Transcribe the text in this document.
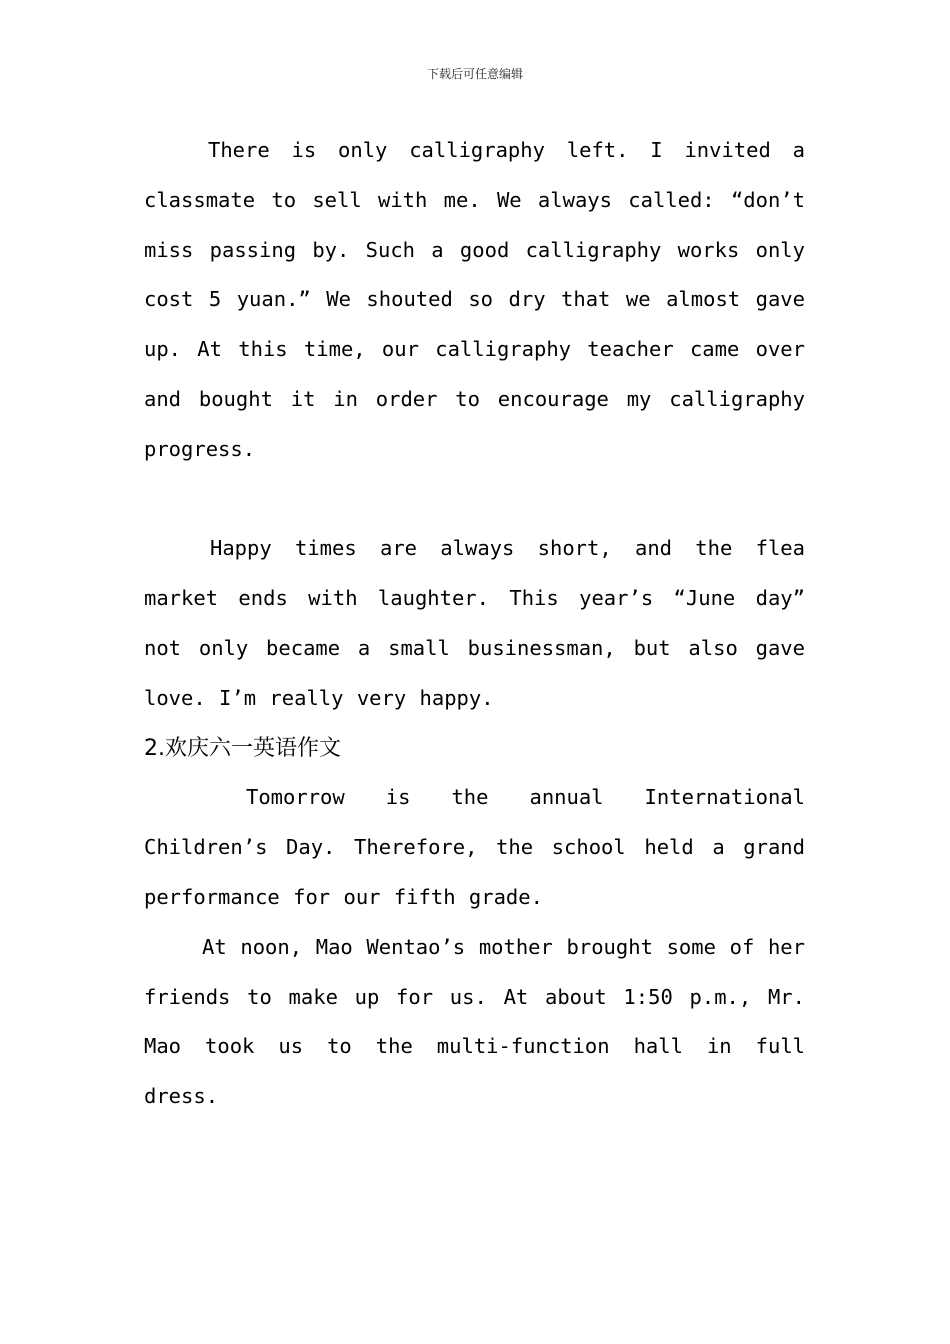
下载后可任意编辑

There is only calligraphy left. I invited a classmate to sell with me. We always called: “don’t miss passing by. Such a good calligraphy works only cost 5 yuan.” We shouted so dry that we almost gave up. At this time, our calligraphy teacher came over and bought it in order to encourage my calligraphy progress.

Happy times are always short, and the flea market ends with laughter. This year’s “June day” not only became a small businessman, but also gave love. I’m really very happy.

2.欢庆六一英语作文

Tomorrow is the annual International Children’s Day. Therefore, the school held a grand performance for our fifth grade.

At noon, Mao Wentao’s mother brought some of her friends to make up for us. At about 1:50 p.m., Mr. Mao took us to the multi-function hall in full dress.
